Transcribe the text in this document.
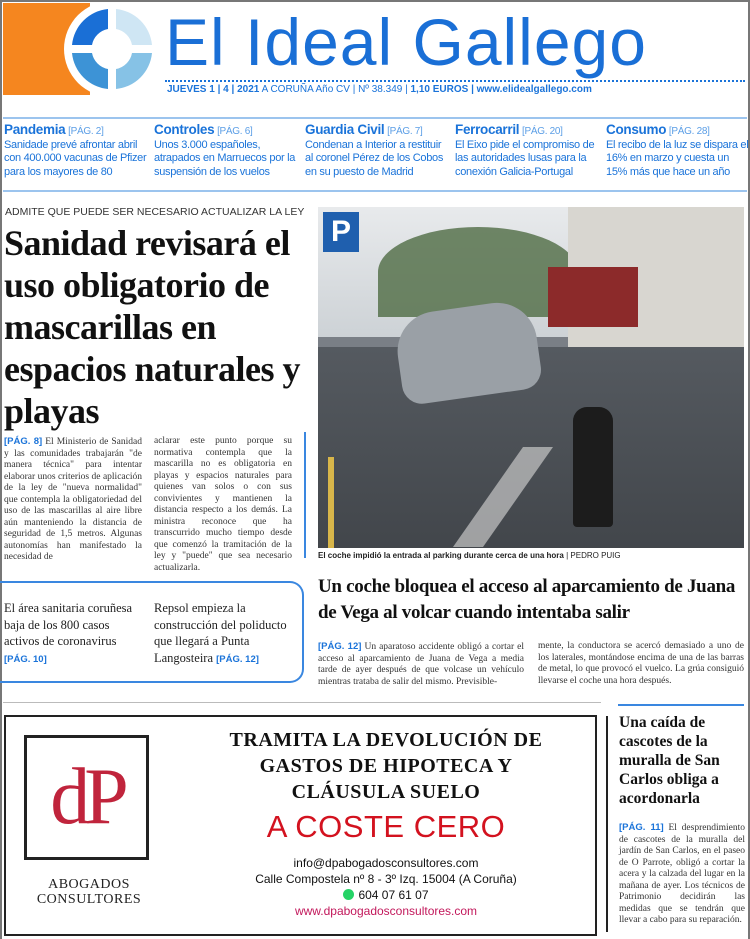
El Ideal Gallego
JUEVES 1 | 4 | 2021 A CORUÑA Año CV | Nº 38.349 | 1,10 EUROS | www.elidealgallego.com
Pandemia [PÁG. 2]
Sanidade prevé afrontar abril con 400.000 vacunas de Pfizer para los mayores de 80
Controles [PÁG. 6]
Unos 3.000 españoles, atrapados en Marruecos por la suspensión de los vuelos
Guardia Civil [PÁG. 7]
Condenan a Interior a restituir al coronel Pérez de los Cobos en su puesto de Madrid
Ferrocarril [PÁG. 20]
El Eixo pide el compromiso de las autoridades lusas para la conexión Galicia-Portugal
Consumo [PÁG. 28]
El recibo de la luz se dispara el 16% en marzo y cuesta un 15% más que hace un año
ADMITE QUE PUEDE SER NECESARIO ACTUALIZAR LA LEY
Sanidad revisará el uso obligatorio de mascarillas en espacios naturales y playas
[PÁG. 8] El Ministerio de Sanidad y las comunidades trabajarán "de manera técnica" para intentar elaborar unos criterios de aplicación de la ley de "nueva normalidad" que contempla la obligatoriedad del uso de las mascarillas al aire libre aún manteniendo la distancia de seguridad de 1,5 metros. Algunas autonomías han manifestado la necesidad de
aclarar este punto porque su normativa contempla que la mascarilla no es obligatoria en playas y espacios naturales para quienes van solos o con sus convivientes y mantienen la distancia respecto a los demás. La ministra reconoce que ha transcurrido mucho tiempo desde que comenzó la tramitación de la ley y "puede" que sea necesario actualizarla.
P
El coche impidió la entrada al parking durante cerca de una hora | PEDRO PUIG
Un coche bloquea el acceso al aparcamiento de Juana de Vega al volcar cuando intentaba salir
[PÁG. 12] Un aparatoso accidente obligó a cortar el acceso al aparcamiento de Juana de Vega a media tarde de ayer después de que volcase un vehículo mientras trataba de salir del mismo. Previsible-
mente, la conductora se acercó demasiado a uno de los laterales, montándose encima de una de las barras de metal, lo que provocó el vuelco. La grúa consiguió llevarse el coche una hora después.
El área sanitaria coruñesa baja de los 800 casos activos de coronavirus [PÁG. 10]
Repsol empieza la construcción del poliducto que llegará a Punta Langosteira [PÁG. 12]
dP
ABOGADOS
CONSULTORES
TRAMITA LA DEVOLUCIÓN DE
GASTOS DE HIPOTECA Y
CLÁUSULA SUELO
A COSTE CERO
info@dpabogadosconsultores.com
Calle Compostela nº 8 - 3º Izq. 15004 (A Coruña)
604 07 61 07
www.dpabogadosconsultores.com
Una caída de cascotes de la muralla de San Carlos obliga a acordonarla
[PÁG. 11] El desprendimiento de cascotes de la muralla del jardín de San Carlos, en el paseo de O Parrote, obligó a cortar la acera y la calzada del lugar en la mañana de ayer. Los técnicos de Patrimonio decidirán las medidas que se tendrán que llevar a cabo para su reparación.
